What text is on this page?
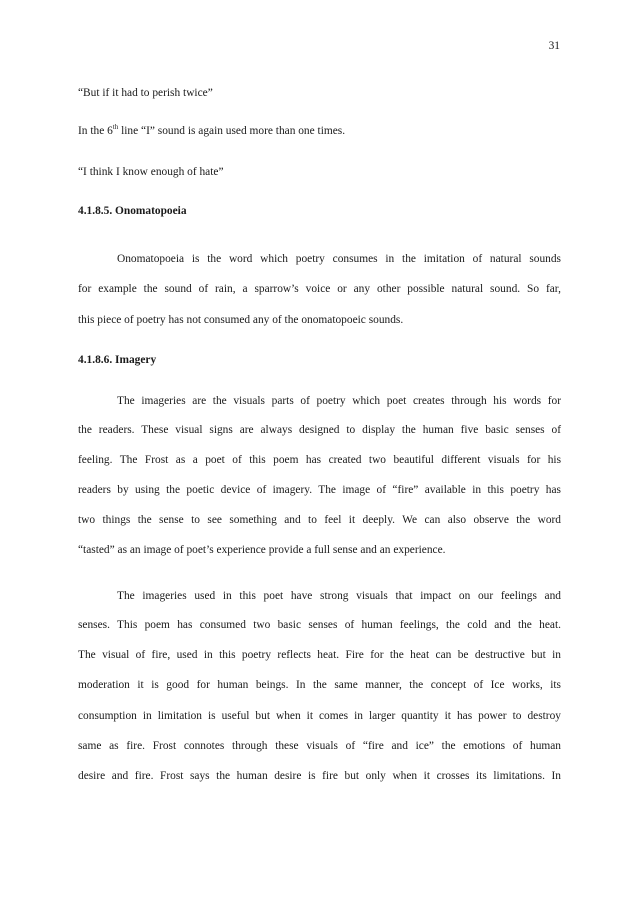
31
“But if it had to perish twice”
In the 6th line “I” sound is again used more than one times.
“I think I know enough of hate”
4.1.8.5. Onomatopoeia
Onomatopoeia is the word which poetry consumes in the imitation of natural sounds
for example the sound of rain, a sparrow’s voice or any other possible natural sound. So far,
this piece of poetry has not consumed any of the onomatopoeic sounds.
4.1.8.6. Imagery
The imageries are the visuals parts of poetry which poet creates through his words for
the readers. These visual signs are always designed to display the human five basic senses of
feeling. The Frost as a poet of this poem has created two beautiful different visuals for his
readers by using the poetic device of imagery. The image of “fire” available in this poetry has
two things the sense to see something and to feel it deeply. We can also observe the word
“tasted” as an image of poet’s experience provide a full sense and an experience.
The imageries used in this poet have strong visuals that impact on our feelings and
senses. This poem has consumed two basic senses of human feelings, the cold and the heat.
The visual of fire, used in this poetry reflects heat. Fire for the heat can be destructive but in
moderation it is good for human beings. In the same manner, the concept of Ice works, its
consumption in limitation is useful but when it comes in larger quantity it has power to destroy
same as fire. Frost connotes through these visuals of “fire and ice” the emotions of human
desire and fire. Frost says the human desire is fire but only when it crosses its limitations. In
